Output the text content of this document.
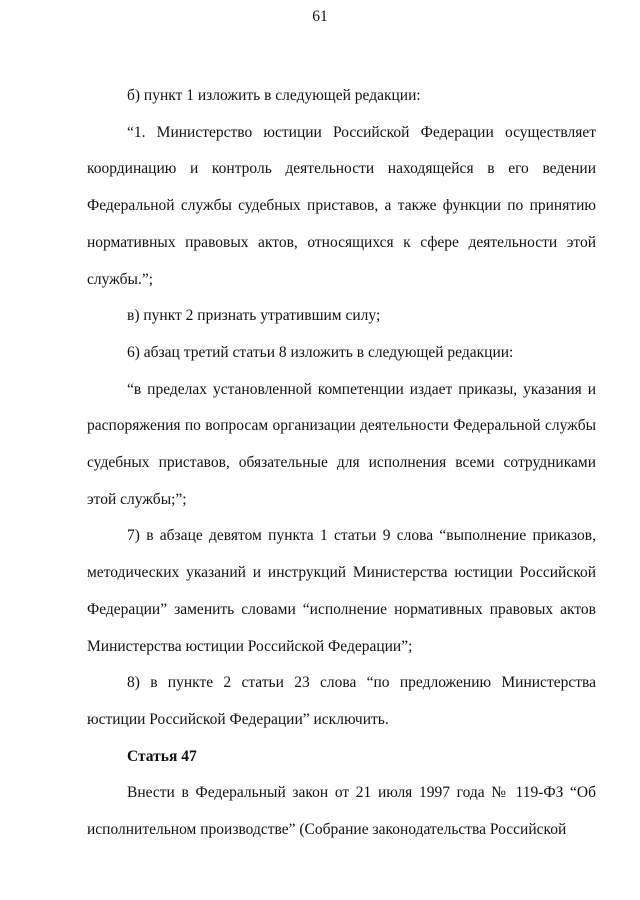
61

б) пункт 1 изложить в следующей редакции:

“1. Министерство юстиции Российской Федерации осуществляет координацию и контроль деятельности находящейся в его ведении Федеральной службы судебных приставов, а также функции по принятию нормативных правовых актов, относящихся к сфере деятельности этой службы.”;

в) пункт 2 признать утратившим силу;

6) абзац третий статьи 8 изложить в следующей редакции:

“в пределах установленной компетенции издает приказы, указания и распоряжения по вопросам организации деятельности Федеральной службы судебных приставов, обязательные для исполнения всеми сотрудниками этой службы;”;

7) в абзаце девятом пункта 1 статьи 9 слова “выполнение приказов, методических указаний и инструкций Министерства юстиции Российской Федерации” заменить словами “исполнение нормативных правовых актов Министерства юстиции Российской Федерации”;

8) в пункте 2 статьи 23 слова “по предложению Министерства юстиции Российской Федерации” исключить.

Статья 47

Внести в Федеральный закон от 21 июля 1997 года № 119-ФЗ “Об исполнительном производстве” (Собрание законодательства Российской
